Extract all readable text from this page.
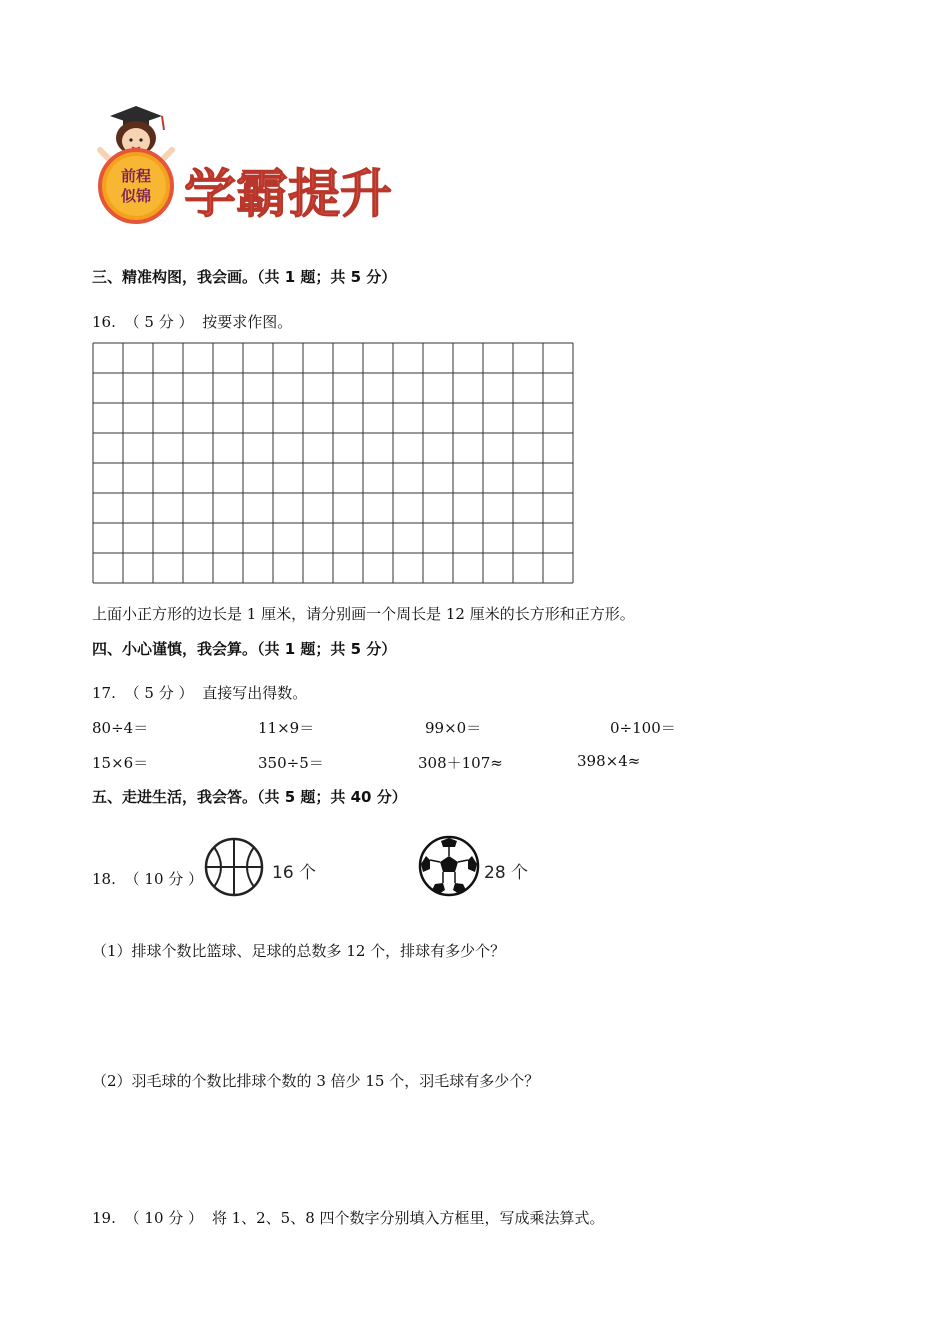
前程
似锦 学霸提升
三、精准构图，我会画。（共 1 题；共 5 分）
16. （ 5 分 ） 按要求作图。
上面小正方形的边长是 1 厘米，请分别画一个周长是 12 厘米的长方形和正方形。
四、小心谨慎，我会算。（共 1 题；共 5 分）
17. （ 5 分 ） 直接写出得数。
80÷4＝	11×9＝	99×0＝	0÷100＝
15×6＝	350÷5＝	308＋107≈	398×4≈
五、走进生活，我会答。（共 5 题；共 40 分）
18. （ 10 分 ）	16 个	28 个
（1）排球个数比篮球、足球的总数多 12 个，排球有多少个？
（2）羽毛球的个数比排球个数的 3 倍少 15 个，羽毛球有多少个？
19. （ 10 分 ） 将 1、2、5、8 四个数字分别填入方框里，写成乘法算式。
